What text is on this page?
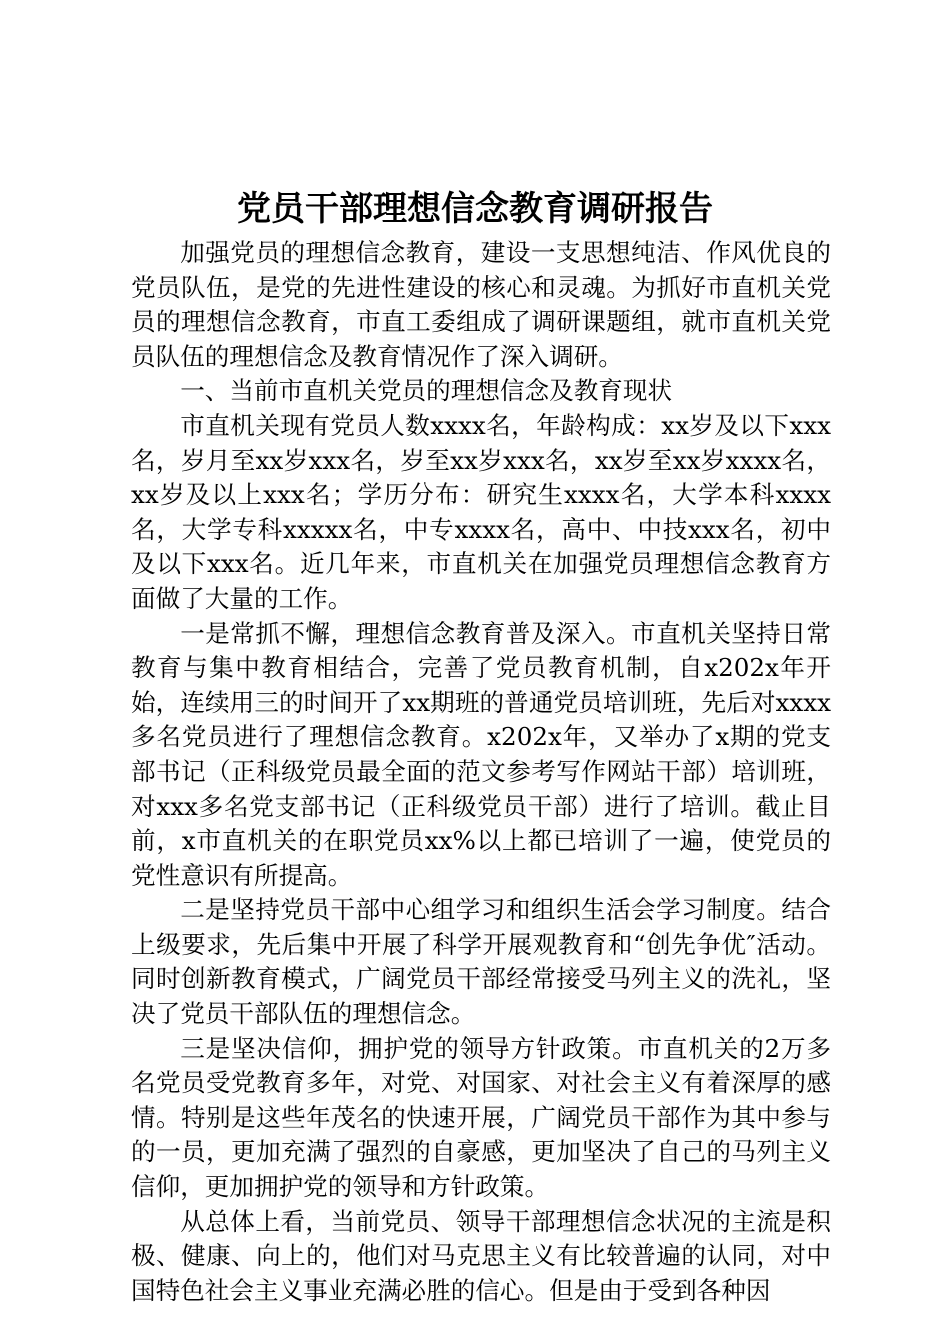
党员干部理想信念教育调研报告

加强党员的理想信念教育，建设一支思想纯洁、作风优良的党员队伍，是党的先进性建设的核心和灵魂。为抓好市直机关党员的理想信念教育，市直工委组成了调研课题组，就市直机关党员队伍的理想信念及教育情况作了深入调研。

一、当前市直机关党员的理想信念及教育现状

市直机关现有党员人数xxxx名，年龄构成：xx岁及以下xxx名，岁月至xx岁xxx名，岁至xx岁xxx名，xx岁至xx岁xxxx名，xx岁及以上xxx名；学历分布：研究生xxxx名，大学本科xxxx名，大学专科xxxxx名，中专xxxx名，高中、中技xxx名，初中及以下xxx名。近几年来，市直机关在加强党员理想信念教育方面做了大量的工作。

一是常抓不懈，理想信念教育普及深入。市直机关坚持日常教育与集中教育相结合，完善了党员教育机制，自x202x年开始，连续用三的时间开了xx期班的普通党员培训班，先后对xxxx多名党员进行了理想信念教育。x202x年，又举办了x期的党支部书记（正科级党员最全面的范文参考写作网站干部）培训班，对xxx多名党支部书记（正科级党员干部）进行了培训。截止目前，x市直机关的在职党员xx%以上都已培训了一遍，使党员的党性意识有所提高。

二是坚持党员干部中心组学习和组织生活会学习制度。结合上级要求，先后集中开展了科学开展观教育和“创先争优″活动。同时创新教育模式，广阔党员干部经常接受马列主义的洗礼，坚决了党员干部队伍的理想信念。

三是坚决信仰，拥护党的领导方针政策。市直机关的2万多名党员受党教育多年，对党、对国家、对社会主义有着深厚的感情。特别是这些年茂名的快速开展，广阔党员干部作为其中参与的一员，更加充满了强烈的自豪感，更加坚决了自己的马列主义信仰，更加拥护党的领导和方针政策。

从总体上看，当前党员、领导干部理想信念状况的主流是积极、健康、向上的，他们对马克思主义有比较普遍的认同，对中国特色社会主义事业充满必胜的信心。但是由于受到各种因
